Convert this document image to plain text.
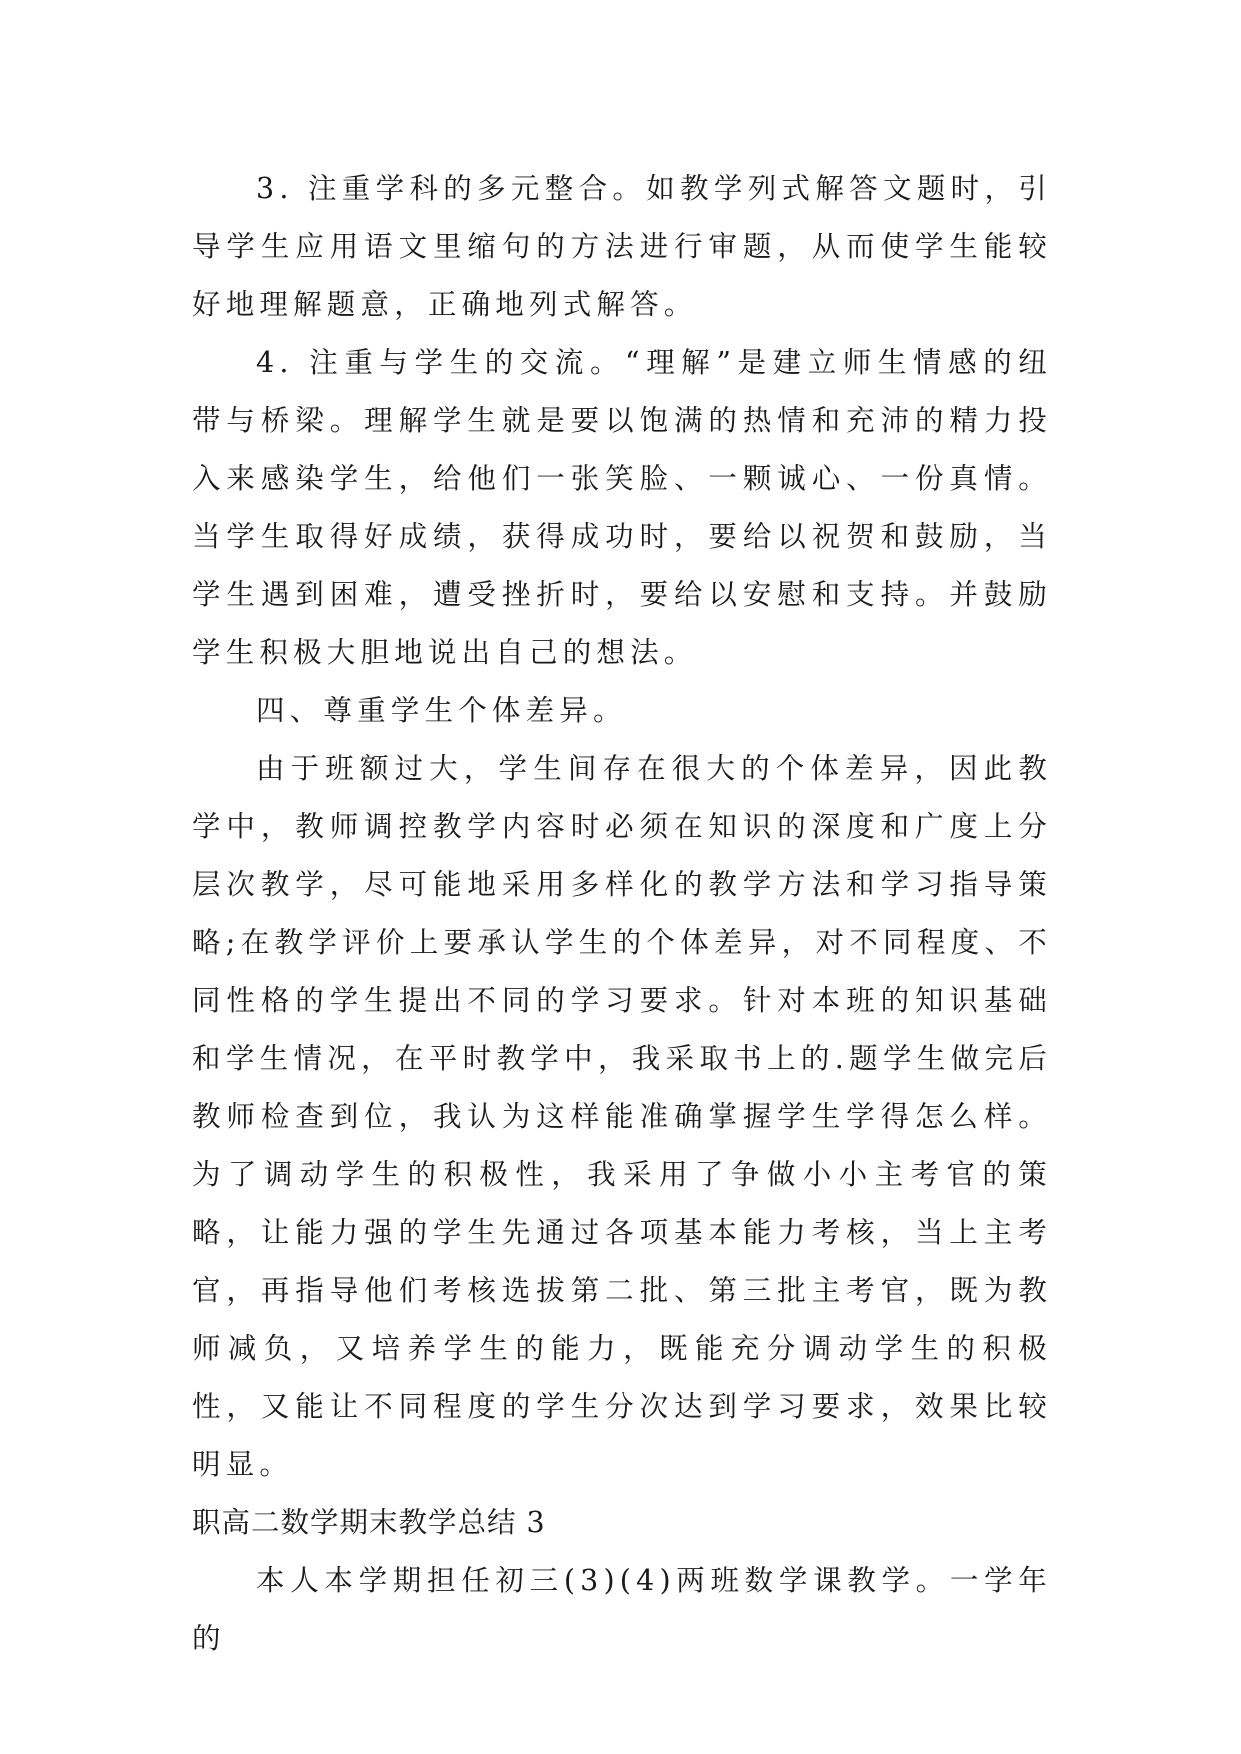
3. 注重学科的多元整合。如教学列式解答文题时，引导学生应用语文里缩句的方法进行审题，从而使学生能较好地理解题意，正确地列式解答。

4. 注重与学生的交流。“理解”是建立师生情感的纽带与桥梁。理解学生就是要以饱满的热情和充沛的精力投入来感染学生，给他们一张笑脸、一颗诚心、一份真情。当学生取得好成绩，获得成功时，要给以祝贺和鼓励，当学生遇到困难，遭受挫折时，要给以安慰和支持。并鼓励学生积极大胆地说出自己的想法。

四、尊重学生个体差异。

由于班额过大，学生间存在很大的个体差异，因此教学中，教师调控教学内容时必须在知识的深度和广度上分层次教学，尽可能地采用多样化的教学方法和学习指导策略;在教学评价上要承认学生的个体差异，对不同程度、不同性格的学生提出不同的学习要求。针对本班的知识基础和学生情况，在平时教学中，我采取书上的.题学生做完后教师检查到位，我认为这样能准确掌握学生学得怎么样。为了调动学生的积极性，我采用了争做小小主考官的策略，让能力强的学生先通过各项基本能力考核，当上主考官，再指导他们考核选拔第二批、第三批主考官，既为教师减负，又培养学生的能力，既能充分调动学生的积极性，又能让不同程度的学生分次达到学习要求，效果比较明显。

职高二数学期末教学总结 3

本人本学期担任初三(3)(4)两班数学课教学。一学年的
